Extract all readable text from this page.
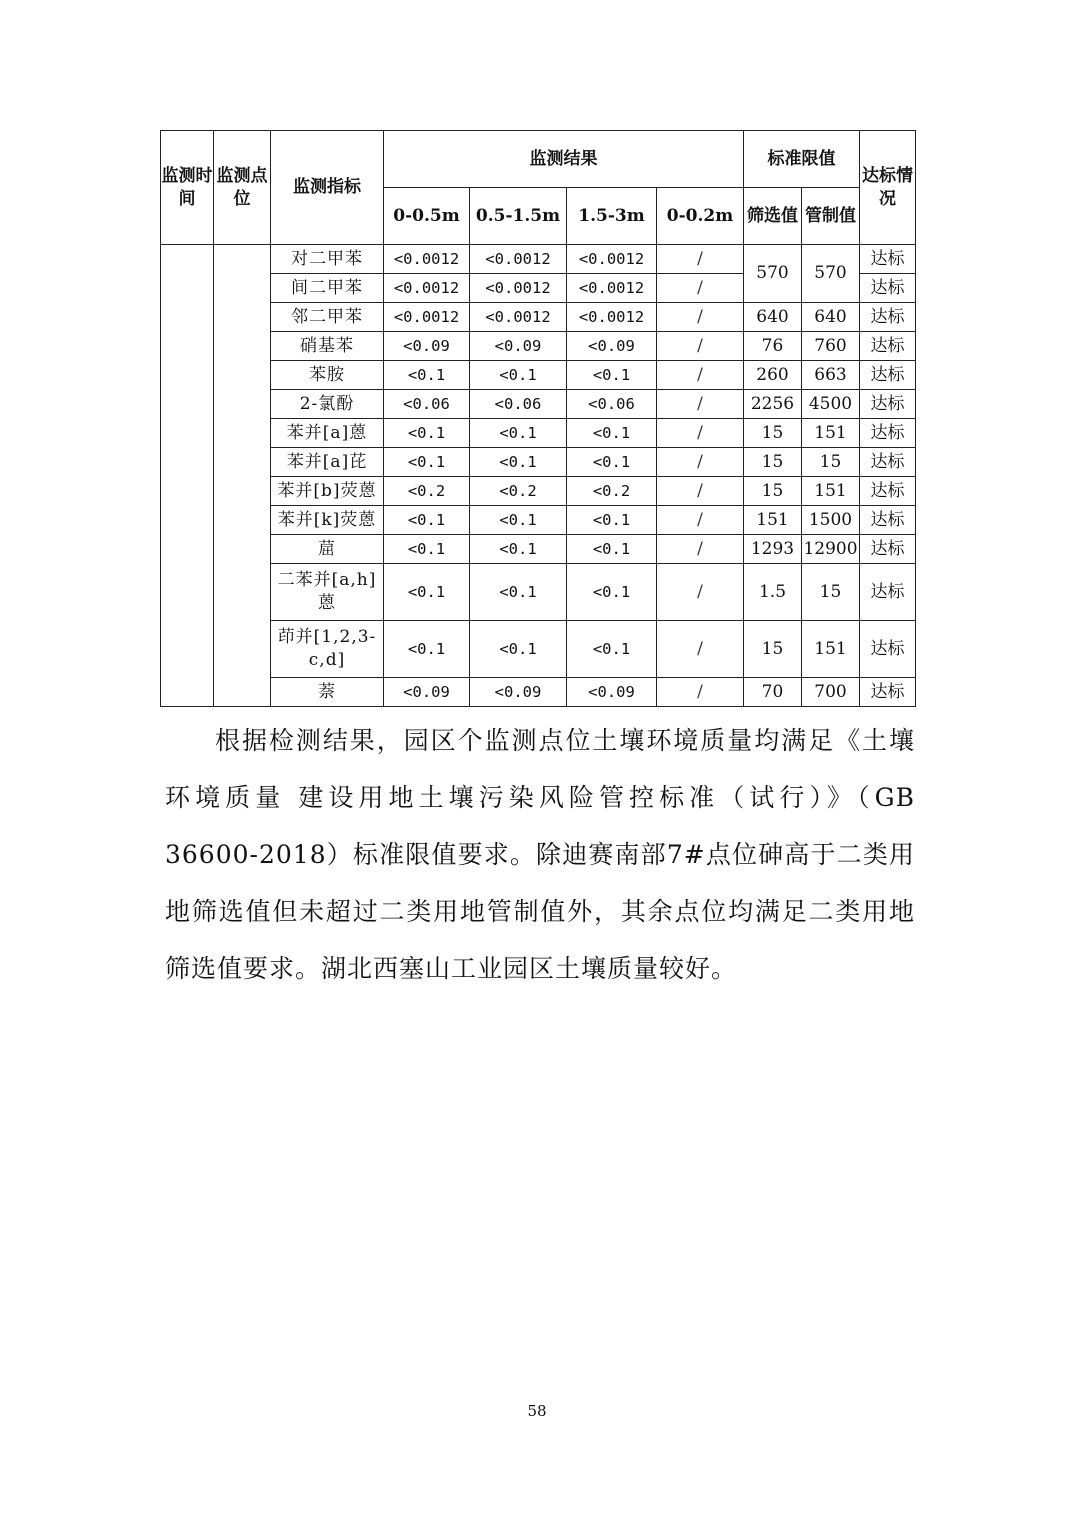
监测时间	监测点位	监测指标	监测结果				标准限值		达标情况
			0-0.5m	0.5-1.5m	1.5-3m	0-0.2m	筛选值	管制值	
		对二甲苯	<0.0012	<0.0012	<0.0012	/	570	570	达标
		间二甲苯	<0.0012	<0.0012	<0.0012	/			达标
		邻二甲苯	<0.0012	<0.0012	<0.0012	/	640	640	达标
		硝基苯	<0.09	<0.09	<0.09	/	76	760	达标
		苯胺	<0.1	<0.1	<0.1	/	260	663	达标
		2-氯酚	<0.06	<0.06	<0.06	/	2256	4500	达标
		苯并[a]蒽	<0.1	<0.1	<0.1	/	15	151	达标
		苯并[a]芘	<0.1	<0.1	<0.1	/	15	15	达标
		苯并[b]荧蒽	<0.2	<0.2	<0.2	/	15	151	达标
		苯并[k]荧蒽	<0.1	<0.1	<0.1	/	151	1500	达标
		䓛	<0.1	<0.1	<0.1	/	1293	12900	达标
		二苯并[a,h]蒽	<0.1	<0.1	<0.1	/	1.5	15	达标
		茚并[1,2,3-c,d]	<0.1	<0.1	<0.1	/	15	151	达标
		萘	<0.09	<0.09	<0.09	/	70	700	达标

根据检测结果，园区个监测点位土壤环境质量均满足《土壤环境质量 建设用地土壤污染风险管控标准（试行）》（GB 36600-2018）标准限值要求。除迪赛南部7#点位砷高于二类用地筛选值但未超过二类用地管制值外，其余点位均满足二类用地筛选值要求。湖北西塞山工业园区土壤质量较好。

58
